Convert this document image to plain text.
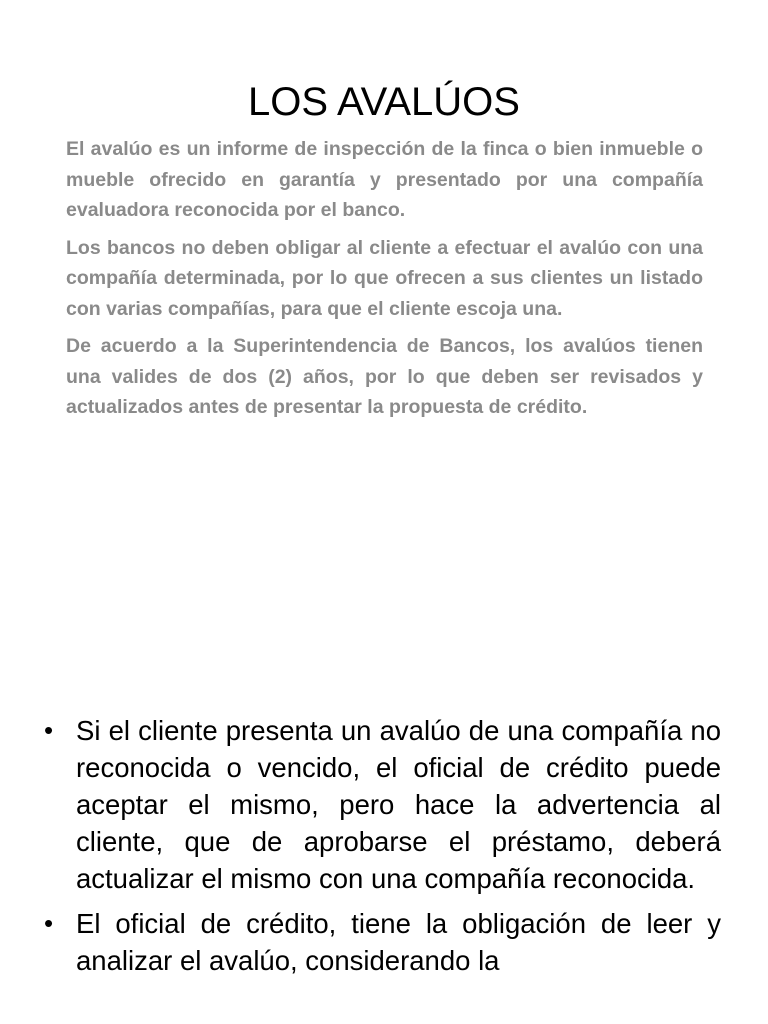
LOS AVALÚOS

El avalúo es un informe de inspección de la finca o bien inmueble o mueble ofrecido en garantía y presentado por una compañía evaluadora reconocida por el banco.

Los bancos no deben obligar al cliente a efectuar el avalúo con una compañía determinada, por lo que ofrecen a sus clientes un listado con varias compañías, para que el cliente escoja una.

De acuerdo a la Superintendencia de Bancos, los avalúos tienen una valides de dos (2) años, por lo que deben ser revisados y actualizados antes de presentar la propuesta de crédito.

• Si el cliente presenta un avalúo de una compañía no reconocida o vencido, el oficial de crédito puede aceptar el mismo, pero hace la advertencia al cliente, que de aprobarse el préstamo, deberá actualizar el mismo con una compañía reconocida.
• El oficial de crédito, tiene la obligación de leer y analizar el avalúo, considerando la
